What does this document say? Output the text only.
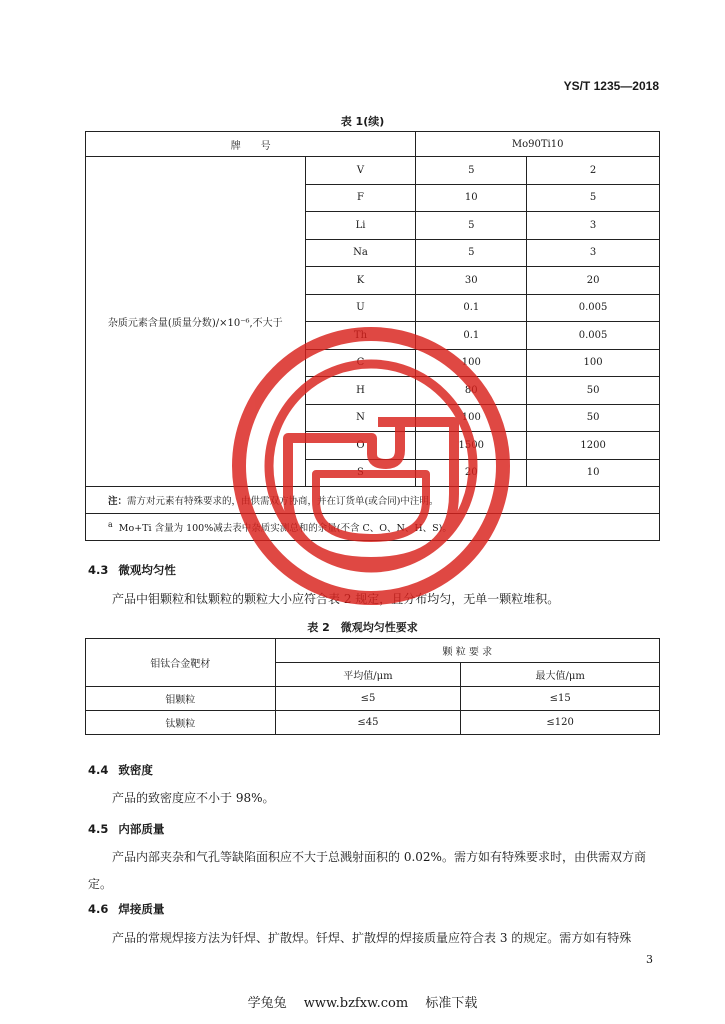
YS/T 1235—2018
表 1(续)
牌　　号		Mo90Ti10	
杂质元素含量(质量分数)/×10⁻⁶,不大于	V	5	2
	F	10	5
	Li	5	3
	Na	5	3
	K	30	20
	U	0.1	0.005
	Th	0.1	0.005
	C	100	100
	H	80	50
	N	100	50
	O	1500	1200
	S	20	10
注：需方对元素有特殊要求的，由供需双方协商，并在订货单(或合同)中注明。			
$^a$ Mo+Ti 含量为 100%减去表中杂质实测总和的余量(不含 C、O、N、H、S)。			
4.3 微观均匀性
产品中钼颗粒和钛颗粒的颗粒大小应符合表 2 规定，且分布均匀，无单一颗粒堆积。
表 2　微观均匀性要求
钼钛合金靶材	颗 粒 要 求	
	平均值/μm	最大值/μm
钼颗粒	≤5	≤15
钛颗粒	≤45	≤120
4.4 致密度
产品的致密度应不小于 98%。
4.5 内部质量
产品内部夹杂和气孔等缺陷面积应不大于总溅射面积的 0.02%。需方如有特殊要求时，由供需双方商定。
4.6 焊接质量
产品的常规焊接方法为钎焊、扩散焊。钎焊、扩散焊的焊接质量应符合表 3 的规定。需方如有特殊
3
学兔兔　 www.bzfxw.com　 标准下载
